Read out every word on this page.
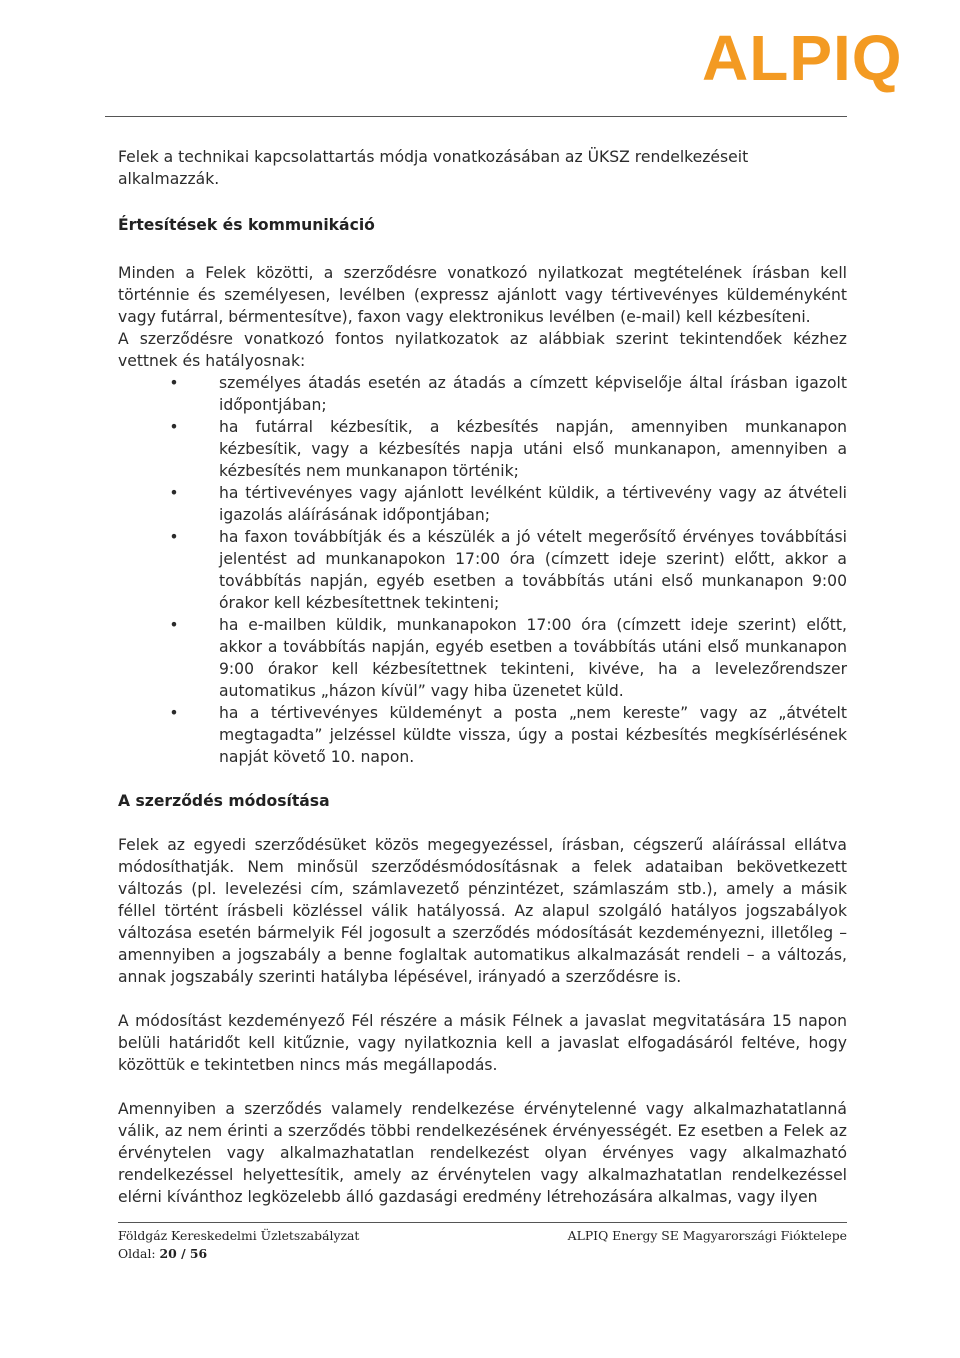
ALPIQ

Felek a technikai kapcsolattartás módja vonatkozásában az ÜKSZ rendelkezéseit alkalmazzák.

Értesítések és kommunikáció

Minden a Felek közötti, a szerződésre vonatkozó nyilatkozat megtételének írásban kell történnie és személyesen, levélben (expressz ajánlott vagy tértivevényes küldeményként vagy futárral, bérmentesítve), faxon vagy elektronikus levélben (e-mail) kell kézbesíteni.

A szerződésre vonatkozó fontos nyilatkozatok az alábbiak szerint tekintendőek kézhez vettnek és hatályosnak:

•	személyes átadás esetén az átadás a címzett képviselője által írásban igazolt időpontjában;
•	ha futárral kézbesítik, a kézbesítés napján, amennyiben munkanapon kézbesítik, vagy a kézbesítés napja utáni első munkanapon, amennyiben a kézbesítés nem munkanapon történik;
•	ha tértivevényes vagy ajánlott levélként küldik, a tértivevény vagy az átvételi igazolás aláírásának időpontjában;
•	ha faxon továbbítják és a készülék a jó vételt megerősítő érvényes továbbítási jelentést ad munkanapokon 17:00 óra (címzett ideje szerint) előtt, akkor a továbbítás napján, egyéb esetben a továbbítás utáni első munkanapon 9:00 órakor kell kézbesítettnek tekinteni;
•	ha e-mailben küldik, munkanapokon 17:00 óra (címzett ideje szerint) előtt, akkor a továbbítás napján, egyéb esetben a továbbítás utáni első munkanapon 9:00 órakor kell kézbesítettnek tekinteni, kivéve, ha a levelezőrendszer automatikus „házon kívül” vagy hiba üzenetet küld.
•	ha a tértivevényes küldeményt a posta „nem kereste” vagy az „átvételt megtagadta” jelzéssel küldte vissza, úgy a postai kézbesítés megkísérlésének napját követő 10. napon.
A szerződés módosítása

Felek az egyedi szerződésüket közös megegyezéssel, írásban, cégszerű aláírással ellátva módosíthatják. Nem minősül szerződésmódosításnak a felek adataiban bekövetkezett változás (pl. levelezési cím, számlavezető pénzintézet, számlaszám stb.), amely a másik féllel történt írásbeli közléssel válik hatályossá. Az alapul szolgáló hatályos jogszabályok változása esetén bármelyik Fél jogosult a szerződés módosítását kezdeményezni, illetőleg – amennyiben a jogszabály a benne foglaltak automatikus alkalmazását rendeli – a változás, annak jogszabály szerinti hatályba lépésével, irányadó a szerződésre is.

A módosítást kezdeményező Fél részére a másik Félnek a javaslat megvitatására 15 napon belüli határidőt kell kitűznie, vagy nyilatkoznia kell a javaslat elfogadásáról feltéve, hogy közöttük e tekintetben nincs más megállapodás.

Amennyiben a szerződés valamely rendelkezése érvénytelenné vagy alkalmazhatatlanná válik, az nem érinti a szerződés többi rendelkezésének érvényességét. Ez esetben a Felek az érvénytelen vagy alkalmazhatatlan rendelkezést olyan érvényes vagy alkalmazható rendelkezéssel helyettesítik, amely az érvénytelen vagy alkalmazhatatlan rendelkezéssel elérni kívánthoz legközelebb álló gazdasági eredmény létrehozására alkalmas, vagy ilyen

Földgáz Kereskedelmi Üzletszabályzat
Oldal: 20 / 56
ALPIQ Energy SE Magyarországi Fióktelepe
